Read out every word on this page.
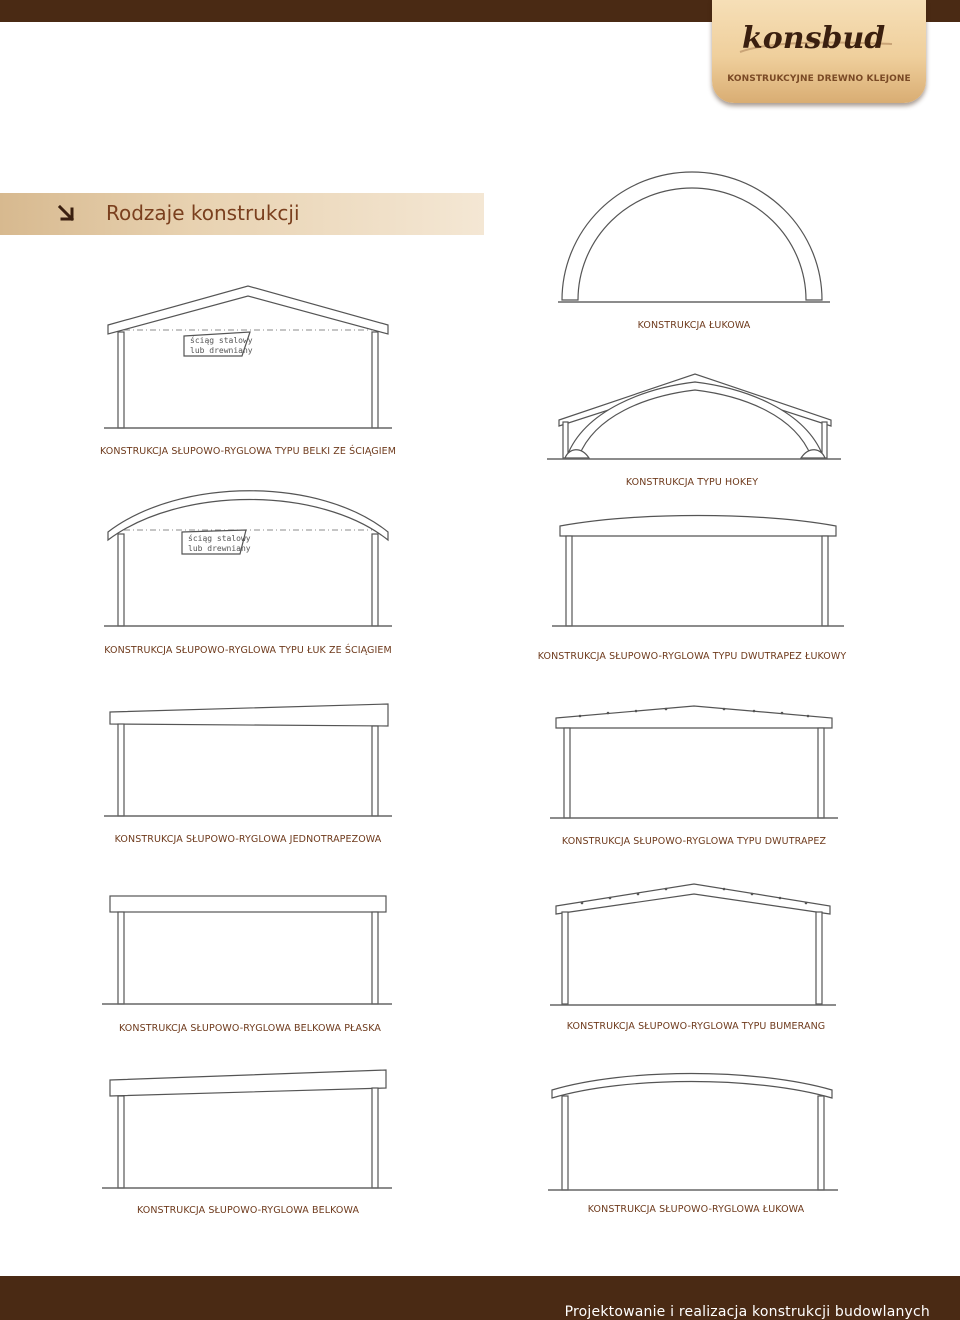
konsbud
KONSTRUKCYJNE DREWNO KLEJONE
Rodzaje konstrukcji
KONSTRUKCJA ŁUKOWA
ściąg stalowy
lub drewniany
KONSTRUKCJA SŁUPOWO-RYGLOWA TYPU BELKI ZE ŚCIĄGIEM
KONSTRUKCJA TYPU HOKEY
ściąg stalowy
lub drewniany
KONSTRUKCJA SŁUPOWO-RYGLOWA TYPU ŁUK ZE ŚCIĄGIEM
KONSTRUKCJA SŁUPOWO-RYGLOWA TYPU DWUTRAPEZ ŁUKOWY
KONSTRUKCJA SŁUPOWO-RYGLOWA JEDNOTRAPEZOWA	KONSTRUKCJA SŁUPOWO-RYGLOWA TYPU DWUTRAPEZ
KONSTRUKCJA SŁUPOWO-RYGLOWA BELKOWA PŁASKA	KONSTRUKCJA SŁUPOWO-RYGLOWA TYPU BUMERANG
KONSTRUKCJA SŁUPOWO-RYGLOWA BELKOWA	KONSTRUKCJA SŁUPOWO-RYGLOWA ŁUKOWA
Projektowanie i realizacja konstrukcji budowlanych
